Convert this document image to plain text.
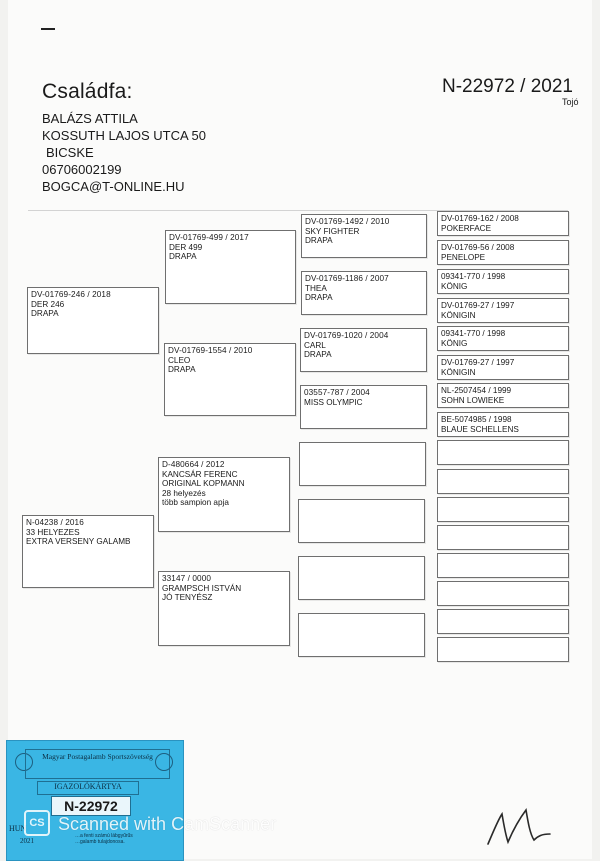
Családfa:	N-22972 / 2021
Tojó
BALÁZS ATTILA
KOSSUTH LAJOS UTCA 50
BICSKE
06706002199
BOGCA@T-ONLINE.HU
DV-01769-246 / 2018
DER 246
DRAPA
N-04238 / 2016
33 HELYEZES
EXTRA VERSENY GALAMB
DV-01769-499 / 2017
DER 499
DRAPA
DV-01769-1554 / 2010
CLEO
DRAPA
D-480664 / 2012
KANCSÁR FERENC
ORIGINAL KOPMANN
28 helyezés
több sampion apja
33147 / 0000
GRAMPSCH ISTVÁN
JÓ TENYÉSZ
DV-01769-1492 / 2010
SKY FIGHTER
DRAPA
DV-01769-1186 / 2007
THEA
DRAPA
DV-01769-1020 / 2004
CARL
DRAPA
03557-787 / 2004
MISS OLYMPIC
DV-01769-162 / 2008
POKERFACE
DV-01769-56 / 2008
PENELOPE
09341-770 / 1998
KÖNIG
DV-01769-27 / 1997
KÖNIGIN
09341-770 / 1998
KÖNIG
DV-01769-27 / 1997
KÖNIGIN
NL-2507454 / 1999
SOHN LOWIEKE
BE-5074985 / 1998
BLAUE SCHELLENS
Magyar Postagalamb Sportszövetség
IGAZOLÓKÁRTYA
N-22972
HUN
2021
…a fenti számú lábgyűrűs
…galamb tulajdonosa.
CS Scanned with CamScanner
